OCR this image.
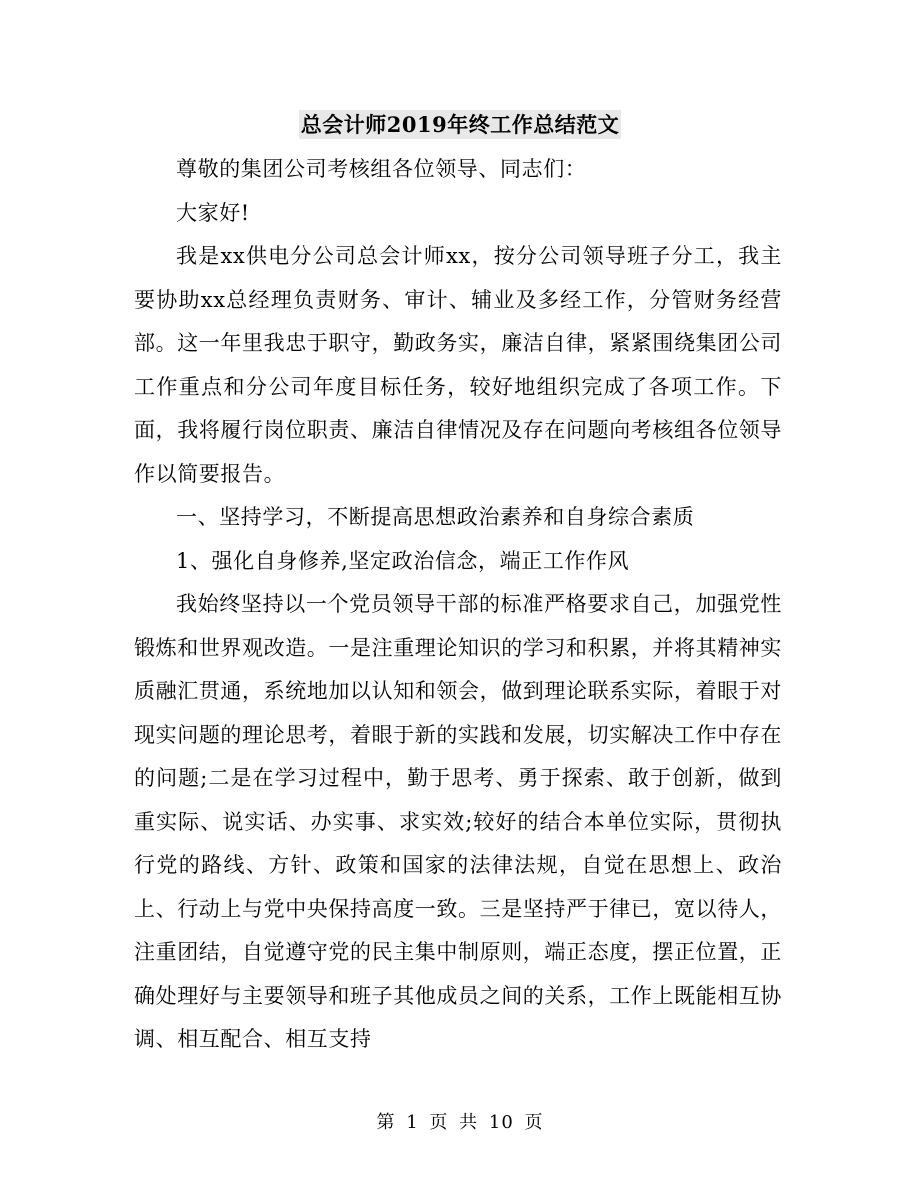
总会计师2019年终工作总结范文

尊敬的集团公司考核组各位领导、同志们：

大家好!

我是xx供电分公司总会计师xx，按分公司领导班子分工，我主要协助xx总经理负责财务、审计、辅业及多经工作，分管财务经营部。这一年里我忠于职守，勤政务实，廉洁自律，紧紧围绕集团公司工作重点和分公司年度目标任务，较好地组织完成了各项工作。下面，我将履行岗位职责、廉洁自律情况及存在问题向考核组各位领导作以简要报告。

一、坚持学习，不断提高思想政治素养和自身综合素质

1、强化自身修养,坚定政治信念，端正工作作风

我始终坚持以一个党员领导干部的标准严格要求自己，加强党性锻炼和世界观改造。一是注重理论知识的学习和积累，并将其精神实质融汇贯通，系统地加以认知和领会，做到理论联系实际，着眼于对现实问题的理论思考，着眼于新的实践和发展，切实解决工作中存在的问题;二是在学习过程中，勤于思考、勇于探索、敢于创新，做到重实际、说实话、办实事、求实效;较好的结合本单位实际，贯彻执行党的路线、方针、政策和国家的法律法规，自觉在思想上、政治上、行动上与党中央保持高度一致。三是坚持严于律已，宽以待人，注重团结，自觉遵守党的民主集中制原则，端正态度，摆正位置，正确处理好与主要领导和班子其他成员之间的关系，工作上既能相互协调、相互配合、相互支持

第 1 页 共 10 页
